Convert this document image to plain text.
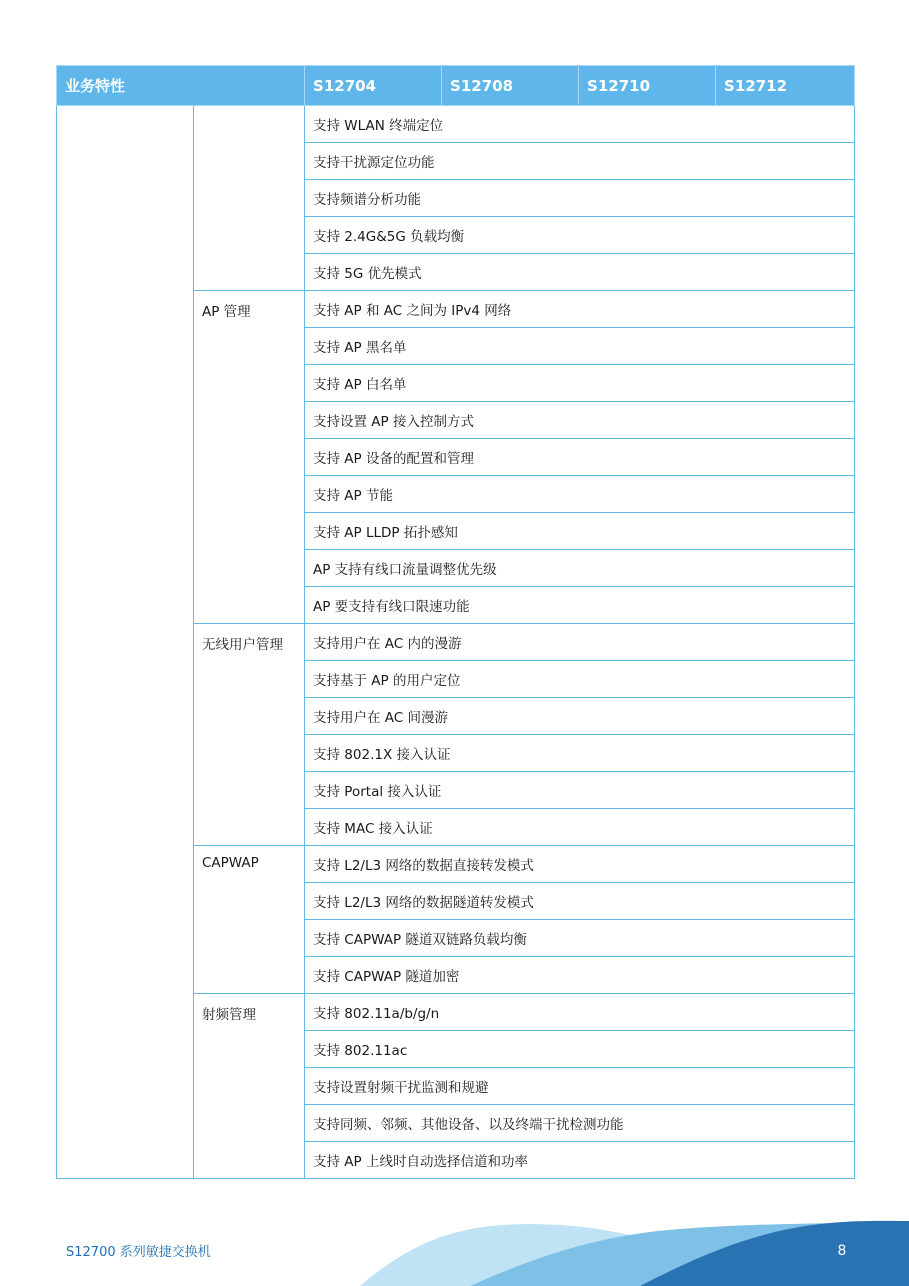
业务特性		S12704	S12708	S12710	S12712
		支持 WLAN 终端定位			
		支持干扰源定位功能			
		支持频谱分析功能			
		支持 2.4G&5G 负载均衡			
		支持 5G 优先模式			
	AP 管理	支持 AP 和 AC 之间为 IPv4 网络			
		支持 AP 黑名单			
		支持 AP 白名单			
		支持设置 AP 接入控制方式			
		支持 AP 设备的配置和管理			
		支持 AP 节能			
		支持 AP LLDP 拓扑感知			
		AP 支持有线口流量调整优先级			
		AP 要支持有线口限速功能			
	无线用户管理	支持用户在 AC 内的漫游			
		支持基于 AP 的用户定位			
		支持用户在 AC 间漫游			
		支持 802.1X 接入认证			
		支持 Portal 接入认证			
		支持 MAC 接入认证			
	CAPWAP	支持 L2/L3 网络的数据直接转发模式			
		支持 L2/L3 网络的数据隧道转发模式			
		支持 CAPWAP 隧道双链路负载均衡			
		支持 CAPWAP 隧道加密			
	射频管理	支持 802.11a/b/g/n			
		支持 802.11ac			
		支持设置射频干扰监测和规避			
		支持同频、邻频、其他设备、以及终端干扰检测功能			
		支持 AP 上线时自动选择信道和功率			
S12700 系列敏捷交换机	8
